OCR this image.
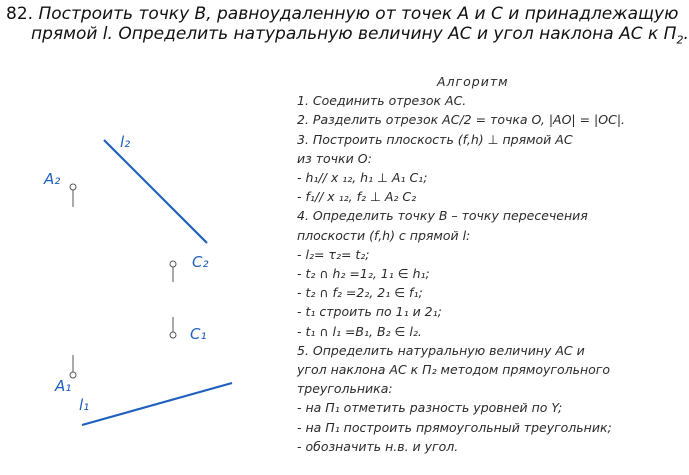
82. Построить точку B, равноудаленную от точек A и C и принадлежащую
прямой l. Определить натуральную величину AC и угол наклона AC к $П_2$.
l₂
A₂
C₂
C₁
A₁
l₁
Алгоритм
1. Соединить отрезок AC.
2. Разделить отрезок AC/2 = точка O, |AO| = |OC|.
3. Построить плоскость (f,h) ⊥ прямой AC
из точки O:
- h₁// x ₁₂, h₁ ⊥ A₁ C₁;
- f₁// x ₁₂, f₂ ⊥ A₂ C₂
4. Определить точку B – точку пересечения
плоскости (f,h) с прямой l:
- l₂= τ₂= t₂;
- t₂ ∩ h₂ =1₂, 1₁ ∈ h₁;
- t₂ ∩ f₂ =2₂, 2₁ ∈ f₁;
- t₁ строить по 1₁ и 2₁;
- t₁ ∩ l₁ =B₁, B₂ ∈ l₂.
5. Определить натуральную величину AC и
угол наклона AC к П₂ методом прямоугольного
треугольника:
- на П₁ отметить разность уровней по Y;
- на П₁ построить прямоугольный треугольник;
- обозначить н.в. и угол.
